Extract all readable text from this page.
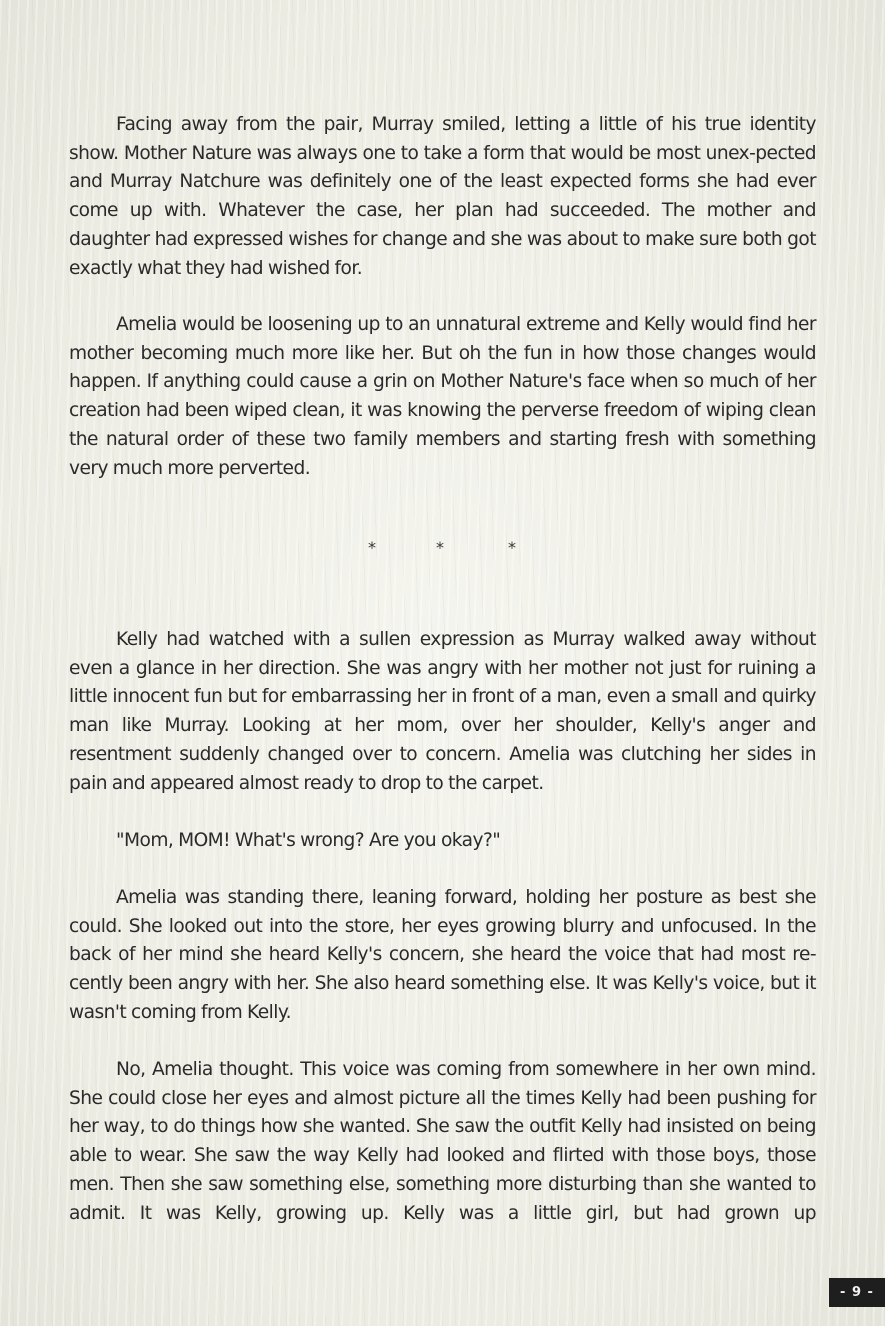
Facing away from the pair, Murray smiled, letting a little of his true identity show. Mother Nature was always one to take a form that would be most unex-pected and Murray Natchure was definitely one of the least expected forms she had ever come up with. Whatever the case, her plan had succeeded. The mother and daughter had expressed wishes for change and she was about to make sure both got exactly what they had wished for.

Amelia would be loosening up to an unnatural extreme and Kelly would find her mother becoming much more like her. But oh the fun in how those changes would happen. If anything could cause a grin on Mother Nature's face when so much of her creation had been wiped clean, it was knowing the perverse freedom of wiping clean the natural order of these two family members and starting fresh with something very much more perverted.

*	*	*

Kelly had watched with a sullen expression as Murray walked away without even a glance in her direction. She was angry with her mother not just for ruining a little innocent fun but for embarrassing her in front of a man, even a small and quirky man like Murray. Looking at her mom, over her shoulder, Kelly's anger and resentment suddenly changed over to concern. Amelia was clutching her sides in pain and appeared almost ready to drop to the carpet.

"Mom, MOM! What's wrong? Are you okay?"

Amelia was standing there, leaning forward, holding her posture as best she could. She looked out into the store, her eyes growing blurry and unfocused. In the back of her mind she heard Kelly's concern, she heard the voice that had most re-cently been angry with her. She also heard something else. It was Kelly's voice, but it wasn't coming from Kelly.

No, Amelia thought. This voice was coming from somewhere in her own mind. She could close her eyes and almost picture all the times Kelly had been pushing for her way, to do things how she wanted. She saw the outfit Kelly had insisted on being able to wear. She saw the way Kelly had looked and flirted with those boys, those men. Then she saw something else, something more disturbing than she wanted to admit. It was Kelly, growing up. Kelly was a little girl, but had grown up

- 9 -
